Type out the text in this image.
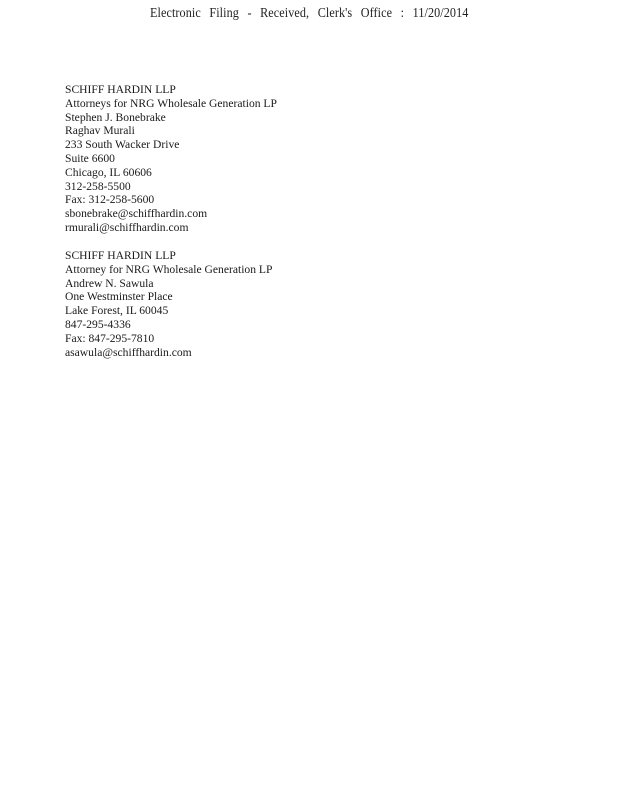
Electronic Filing - Received, Clerk's Office : 11/20/2014
SCHIFF HARDIN LLP
Attorneys for NRG Wholesale Generation LP
Stephen J. Bonebrake
Raghav Murali
233 South Wacker Drive
Suite 6600
Chicago, IL 60606
312-258-5500
Fax: 312-258-5600
sbonebrake@schiffhardin.com
rmurali@schiffhardin.com
SCHIFF HARDIN LLP
Attorney for NRG Wholesale Generation LP
Andrew N. Sawula
One Westminster Place
Lake Forest, IL 60045
847-295-4336
Fax: 847-295-7810
asawula@schiffhardin.com
